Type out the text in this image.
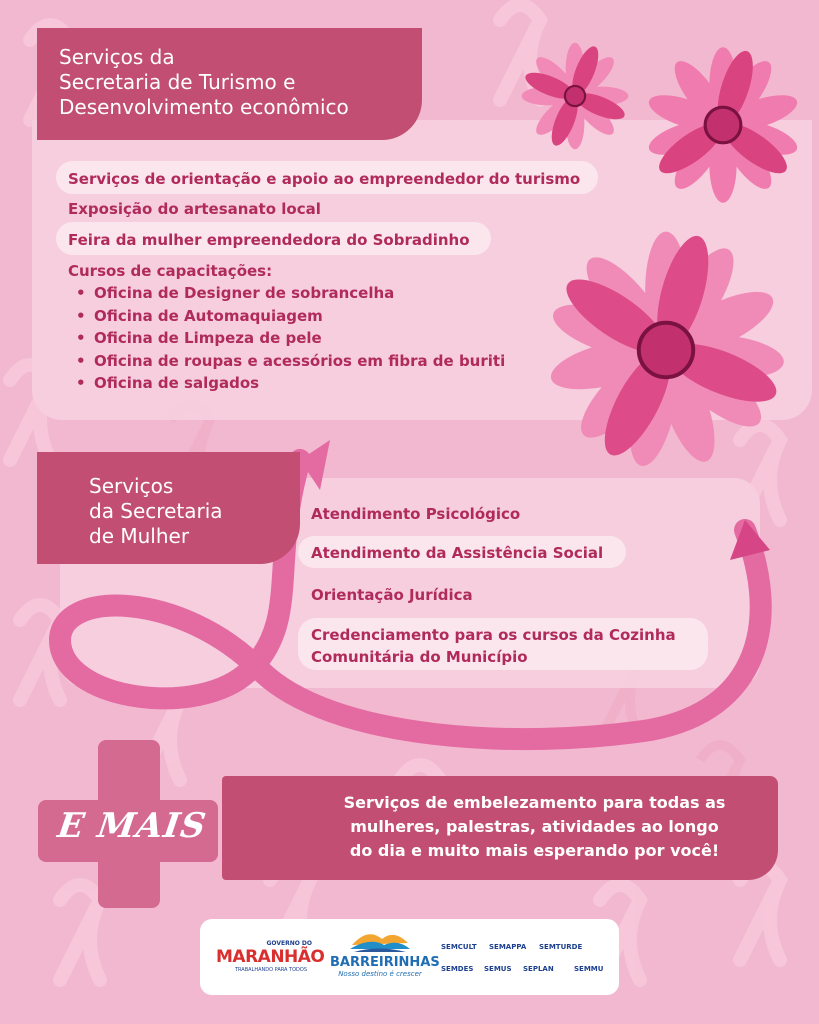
Serviços da
Secretaria de Turismo e
Desenvolvimento econômico
Serviços de orientação e apoio ao empreendedor do turismo
Exposição do artesanato local
Feira da mulher empreendedora do Sobradinho
Cursos de capacitações:
• Oficina de Designer de sobrancelha
• Oficina de Automaquiagem
• Oficina de Limpeza de pele
• Oficina de roupas e acessórios em fibra de buriti
• Oficina de salgados
Serviços
da Secretaria
de Mulher
Atendimento Psicológico
Atendimento da Assistência Social
Orientação Jurídica
Credenciamento para os cursos da Cozinha
Comunitária do Município
E MAIS
Serviços de embelezamento para todas as
mulheres, palestras, atividades ao longo
do dia e muito mais esperando por você!
GOVERNO DO
MARANHÃO
TRABALHANDO PARA TODOS	BARREIRINHAS
Nosso destino é crescer
SEMCULT SEMAPPA SEMTURDE
SEMDES SEMUS SEPLAN	SEMMU
